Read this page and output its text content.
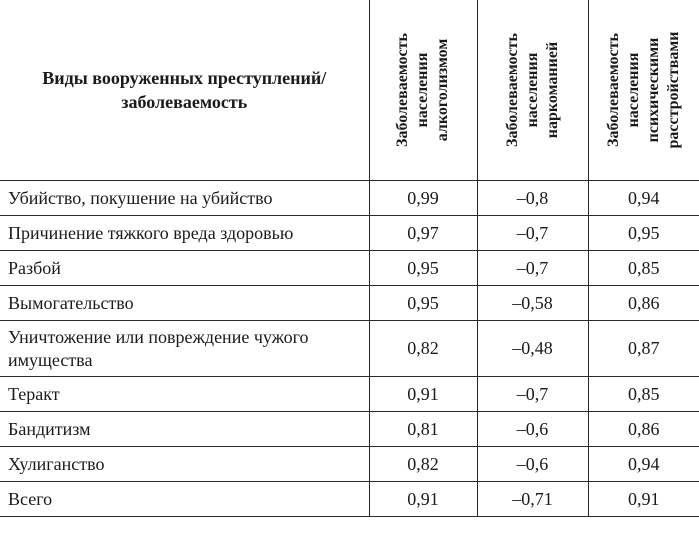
Виды вооруженных преступлений/ заболеваемость	Заболеваемость населения алкоголизмом	Заболеваемость населения наркоманией	Заболеваемость населения психическими расстройствами

Убийство, покушение на убийство	0,99	–0,8	0,94
Причинение тяжкого вреда здоровью	0,97	–0,7	0,95
Разбой	0,95	–0,7	0,85
Вымогательство	0,95	–0,58	0,86
Уничтожение или повреждение чужого имущества	0,82	–0,48	0,87
Теракт	0,91	–0,7	0,85
Бандитизм	0,81	–0,6	0,86
Хулиганство	0,82	–0,6	0,94
Всего	0,91	–0,71	0,91
